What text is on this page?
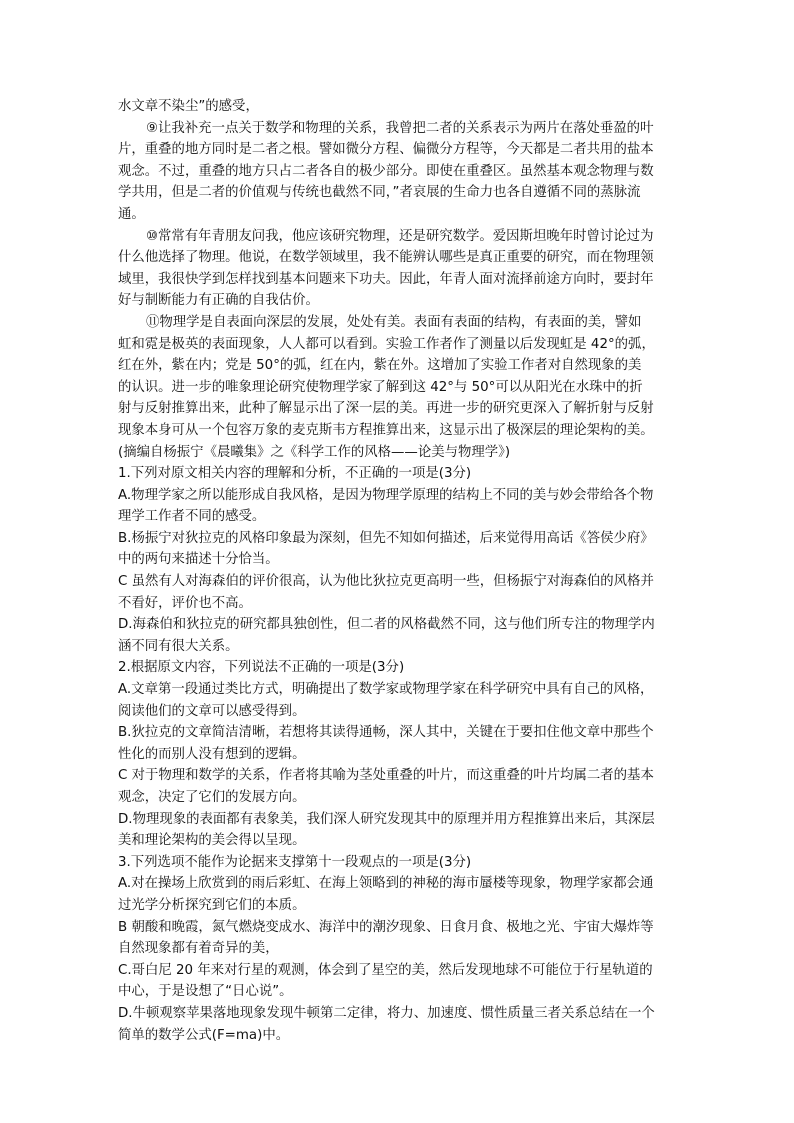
水文章不染尘”的感受，
⑨让我补充一点关于数学和物理的关系，我曾把二者的关系表示为两片在落处垂盈的叶
片，重叠的地方同时是二者之根。譬如微分方程、偏微分方程等，今天都是二者共用的盐本
观念。不过，重叠的地方只占二者各自的极少部分。即使在重叠区。虽然基本观念物理与数
学共用，但是二者的价值观与传统也截然不同，”者哀展的生命力也各自遵循不同的蒸脉流
通。
⑩常常有年青朋友问我，他应该研究物理，还是研究数学。爱因斯坦晚年时曾讨论过为
什么他选择了物理。他说，在数学领域里，我不能辨认哪些是真正重要的研究，而在物理领
域里，我很快学到怎样找到基本问题来下功夫。因此，年青人面对流择前途方向时，要封年
好与制断能力有正确的自我估价。
⑪物理学是自表面向深层的发展，处处有美。表面有表面的结构，有表面的美，譬如
虹和霓是极英的表面现象，人人都可以看到。实验工作者作了测量以后发现虹是 42°的弧，
红在外，紫在内；党是 50°的弧，红在内，紫在外。这增加了实验工作者对自然现象的美
的认识。进一步的唯象理论研究使物理学家了解到这 42°与 50°可以从阳光在水珠中的折
射与反射推算出来，此种了解显示出了深一层的美。再进一步的研究更深入了解折射与反射
现象本身可从一个包容万象的麦克斯韦方程推算出来，这显示出了极深层的理论架构的美。
(摘编自杨振宁《晨曦集》之《科学工作的风格——论美与物理学》)
1.下列对原文相关内容的理解和分析，不正确的一项是(3分)
A.物理学家之所以能形成自我风格，是因为物理学原理的结构上不同的美与妙会带给各个物
理学工作者不同的感受。
B.杨振宁对狄拉克的风格印象最为深刻，但先不知如何描述，后来觉得用高话《答侯少府》
中的两句来描述十分恰当。
C 虽然有人对海森伯的评价很高，认为他比狄拉克更高明一些，但杨振宁对海森伯的风格并
不看好，评价也不高。
D.海森伯和狄拉克的研究都具独创性，但二者的风格截然不同，这与他们所专注的物理学内
涵不同有很大关系。
2.根据原文内容，下列说法不正确的一项是(3分)
A.文章第一段通过类比方式，明确提出了数学家或物理学家在科学研究中具有自己的风格，
阅读他们的文章可以感受得到。
B.狄拉克的文章简洁清晰，若想将其读得通畅，深人其中，关键在于要扣住他文章中那些个
性化的而别人没有想到的逻辑。
C 对于物理和数学的关系，作者将其喻为茎处重叠的叶片，而这重叠的叶片均属二者的基本
观念，决定了它们的发展方向。
D.物理现象的表面都有表象美，我们深人研究发现其中的原理并用方程推算出来后，其深层
美和理论架构的美会得以呈现。
3.下列选项不能作为论据来支撑第十一段观点的一项是(3分)
A.对在操场上欣赏到的雨后彩虹、在海上领略到的神秘的海市蜃楼等现象，物理学家都会通
过光学分析探究到它们的本质。
B 朝酸和晚霞，氮气燃烧变成水、海洋中的潮汐现象、日食月食、极地之光、宇宙大爆炸等
自然现象都有着奇异的美，
C.哥白尼 20 年来对行星的观测，体会到了星空的美，然后发现地球不可能位于行星轨道的
中心，于是设想了“日心说”。
D.牛顿观察苹果落地现象发现牛顿第二定律，将力、加速度、惯性质量三者关系总结在一个
简单的数学公式(F=ma)中。
